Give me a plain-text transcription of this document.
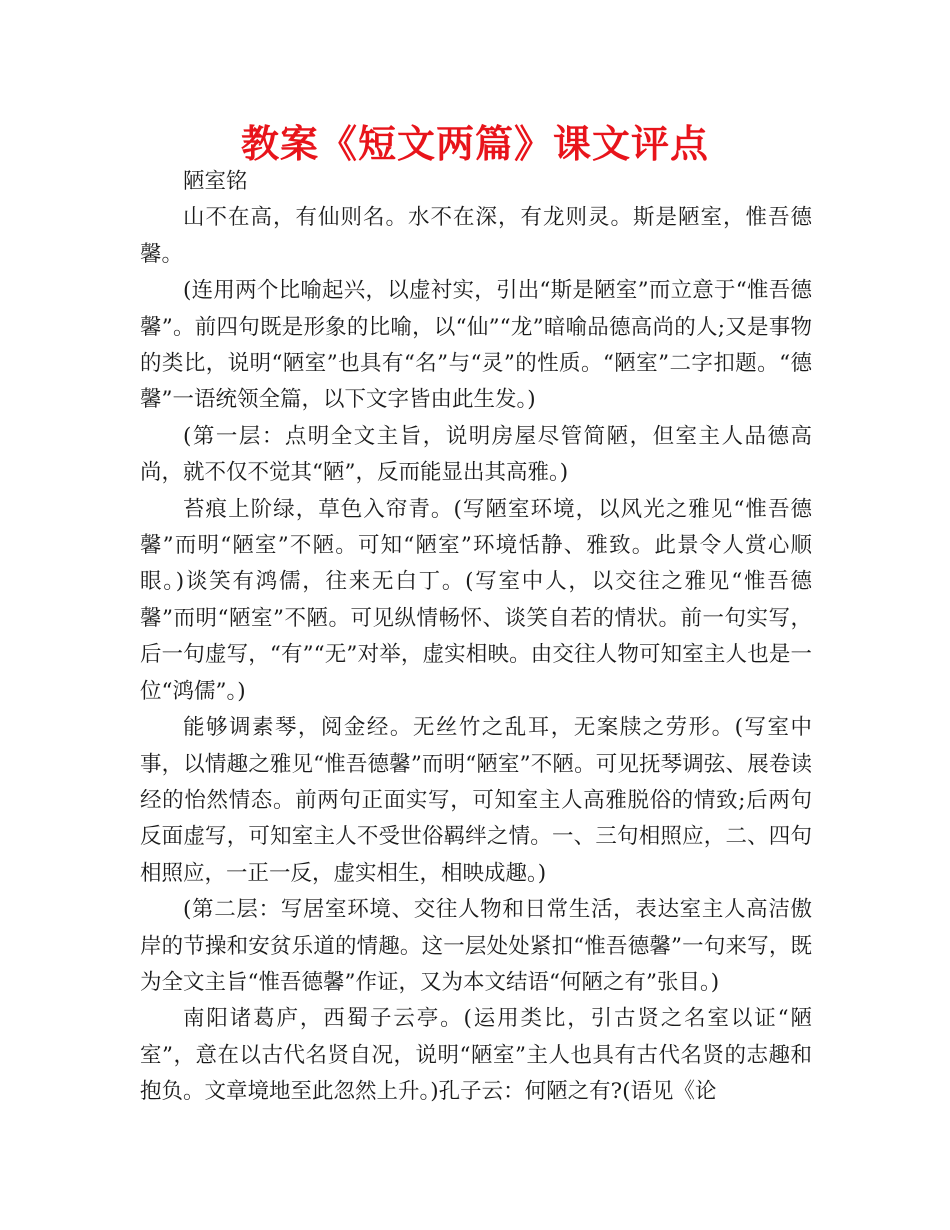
教案《短文两篇》课文评点

陋室铭

山不在高，有仙则名。水不在深，有龙则灵。斯是陋室，惟吾德馨。

(连用两个比喻起兴，以虚衬实，引出“斯是陋室”而立意于“惟吾德馨”。前四句既是形象的比喻，以“仙”“龙”暗喻品德高尚的人;又是事物的类比，说明“陋室”也具有“名”与“灵”的性质。“陋室”二字扣题。“德馨”一语统领全篇，以下文字皆由此生发。)

(第一层：点明全文主旨，说明房屋尽管简陋，但室主人品德高尚，就不仅不觉其“陋”，反而能显出其高雅。)

苔痕上阶绿，草色入帘青。(写陋室环境，以风光之雅见“惟吾德馨”而明“陋室”不陋。可知“陋室”环境恬静、雅致。此景令人赏心顺眼。)谈笑有鸿儒，往来无白丁。(写室中人，以交往之雅见“惟吾德馨”而明“陋室”不陋。可见纵情畅怀、谈笑自若的情状。前一句实写，后一句虚写，“有”“无”对举，虚实相映。由交往人物可知室主人也是一位“鸿儒”。)

能够调素琴，阅金经。无丝竹之乱耳，无案牍之劳形。(写室中事，以情趣之雅见“惟吾德馨”而明“陋室”不陋。可见抚琴调弦、展卷读经的怡然情态。前两句正面实写，可知室主人高雅脱俗的情致;后两句反面虚写，可知室主人不受世俗羁绊之情。一、三句相照应，二、四句相照应，一正一反，虚实相生，相映成趣。)

(第二层：写居室环境、交往人物和日常生活，表达室主人高洁傲岸的节操和安贫乐道的情趣。这一层处处紧扣“惟吾德馨”一句来写，既为全文主旨“惟吾德馨”作证，又为本文结语“何陋之有”张目。)

南阳诸葛庐，西蜀子云亭。(运用类比，引古贤之名室以证“陋室”，意在以古代名贤自况，说明“陋室”主人也具有古代名贤的志趣和抱负。文章境地至此忽然上升。)孔子云：何陋之有?(语见《论
